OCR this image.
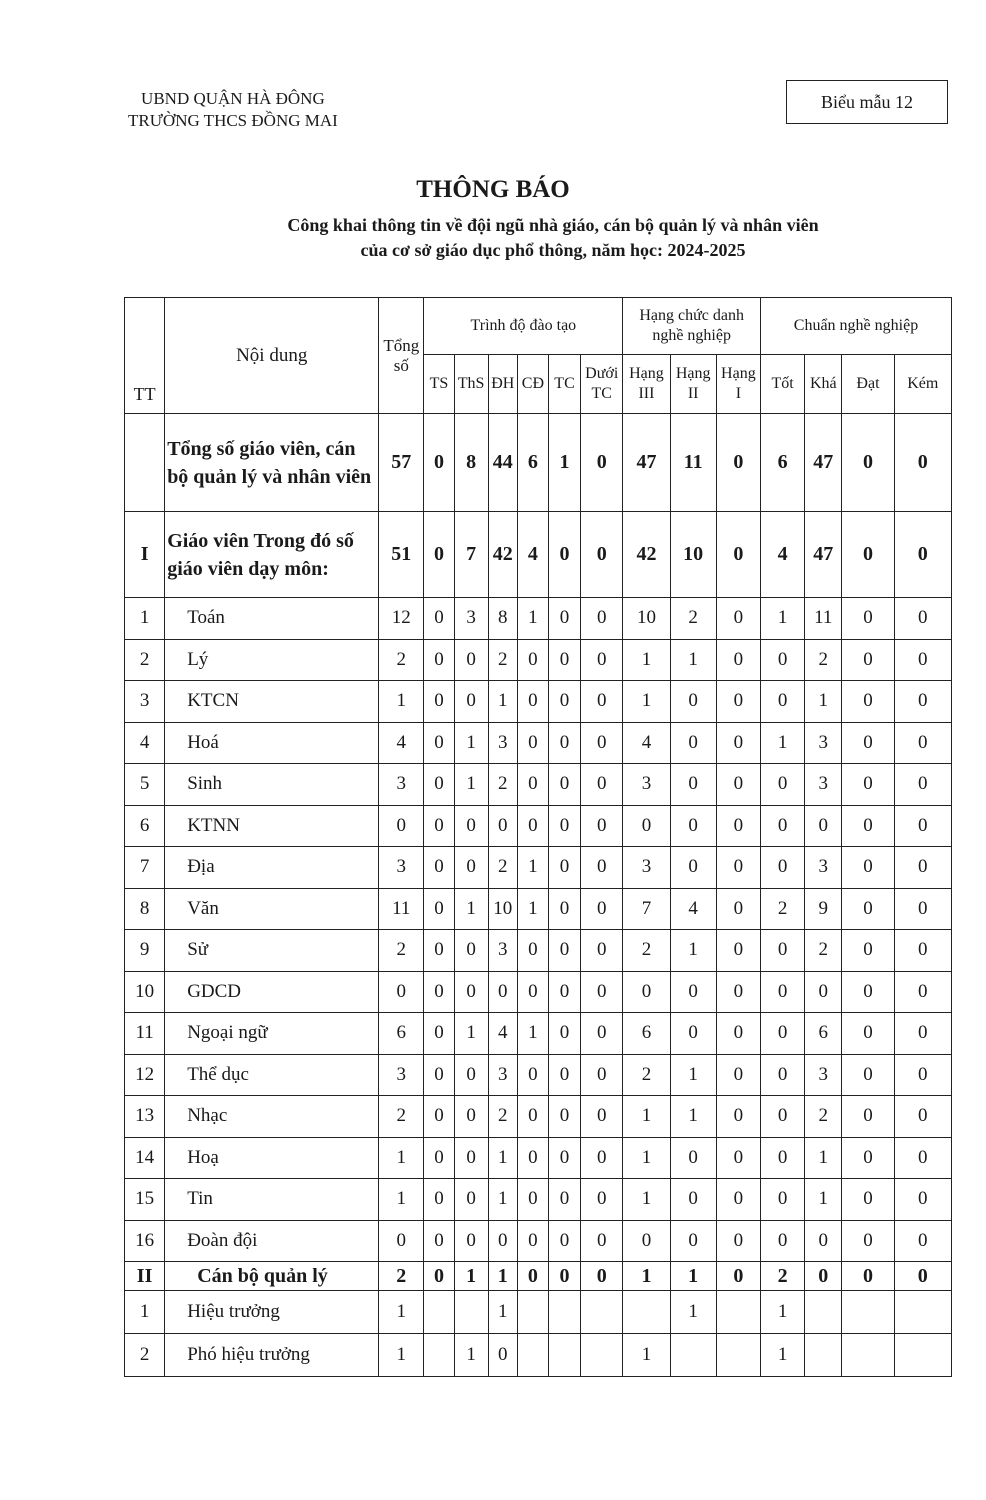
UBND QUẬN HÀ ĐÔNG
TRƯỜNG THCS ĐỒNG MAI
Biểu mẫu 12
THÔNG BÁO
Công khai thông tin về đội ngũ nhà giáo, cán bộ quản lý và nhân viên
của cơ sở giáo dục phổ thông, năm học: 2024-2025
TT	Nội dung	Tổng số	Trình độ đào tạo						Hạng chức danh nghề nghiệp			Chuẩn nghề nghiệp			
			TS	ThS	ĐH	CĐ	TC	Dưới TC	Hạng III	Hạng II	Hạng I	Tốt	Khá	Đạt	Kém
	Tổng số giáo viên, cán bộ quản lý và nhân viên	57	0	8	44	6	1	0	47	11	0	6	47	0	0
I	Giáo viên Trong đó số giáo viên dạy môn:	51	0	7	42	4	0	0	42	10	0	4	47	0	0
1	Toán	12	0	3	8	1	0	0	10	2	0	1	11	0	0
2	Lý	2	0	0	2	0	0	0	1	1	0	0	2	0	0
3	KTCN	1	0	0	1	0	0	0	1	0	0	0	1	0	0
4	Hoá	4	0	1	3	0	0	0	4	0	0	1	3	0	0
5	Sinh	3	0	1	2	0	0	0	3	0	0	0	3	0	0
6	KTNN	0	0	0	0	0	0	0	0	0	0	0	0	0	0
7	Địa	3	0	0	2	1	0	0	3	0	0	0	3	0	0
8	Văn	11	0	1	10	1	0	0	7	4	0	2	9	0	0
9	Sử	2	0	0	3	0	0	0	2	1	0	0	2	0	0
10	GDCD	0	0	0	0	0	0	0	0	0	0	0	0	0	0
11	Ngoại ngữ	6	0	1	4	1	0	0	6	0	0	0	6	0	0
12	Thể dục	3	0	0	3	0	0	0	2	1	0	0	3	0	0
13	Nhạc	2	0	0	2	0	0	0	1	1	0	0	2	0	0
14	Hoạ	1	0	0	1	0	0	0	1	0	0	0	1	0	0
15	Tin	1	0	0	1	0	0	0	1	0	0	0	1	0	0
16	Đoàn đội	0	0	0	0	0	0	0	0	0	0	0	0	0	0
II	Cán bộ quản lý	2	0	1	1	0	0	0	1	1	0	2	0	0	0
1	Hiệu trưởng	1			1					1		1			
2	Phó hiệu trưởng	1		1	0				1			1			
